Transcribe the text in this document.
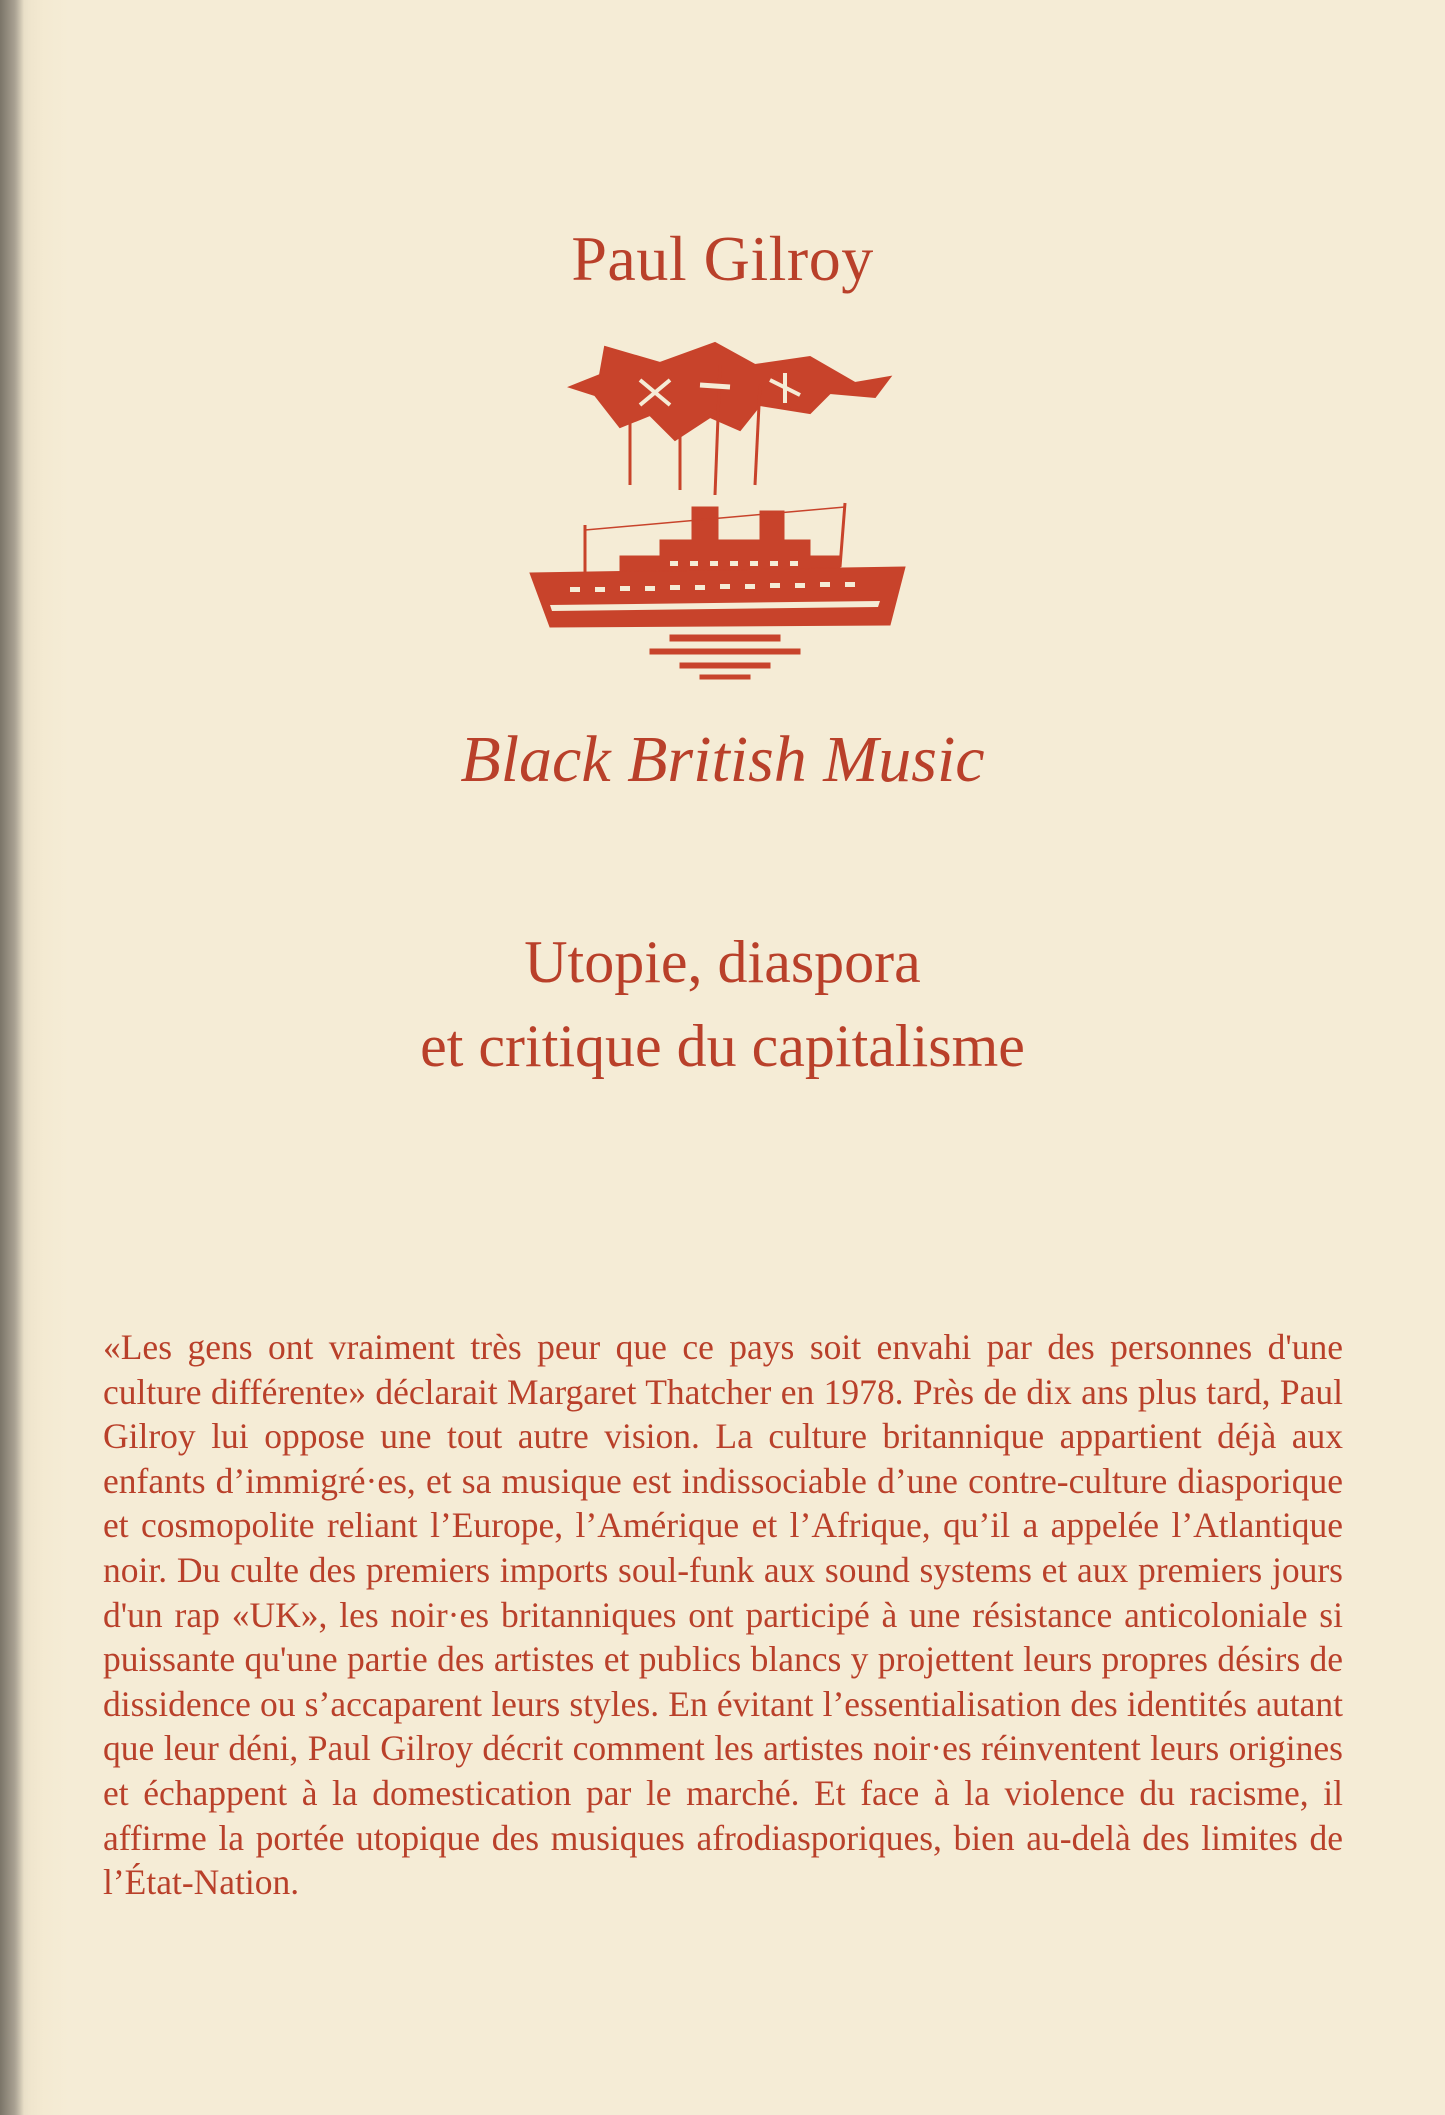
Paul Gilroy
Black British Music
Utopie, diaspora
et critique du capitalisme

«Les gens ont vraiment très peur que ce pays soit envahi par des personnes d'une culture différente» déclarait Margaret Thatcher en 1978. Près de dix ans plus tard, Paul Gilroy lui oppose une tout autre vision. La culture britannique appartient déjà aux enfants d’immigré·es, et sa musique est indissociable d’une contre-culture diasporique et cosmopolite reliant l’Europe, l’Amérique et l’Afrique, qu’il a appelée l’Atlantique noir. Du culte des premiers imports soul-funk aux sound systems et aux premiers jours d'un rap «UK», les noir·es britanniques ont participé à une résistance anticoloniale si puissante qu'une partie des artistes et publics blancs y projettent leurs propres désirs de dissidence ou s’accaparent leurs styles. En évitant l’essentialisation des identités autant que leur déni, Paul Gilroy décrit comment les artistes noir·es réinventent leurs origines et échappent à la domestication par le marché. Et face à la violence du racisme, il affirme la portée utopique des musiques afrodiasporiques, bien au-delà des limites de l’État-Nation.
